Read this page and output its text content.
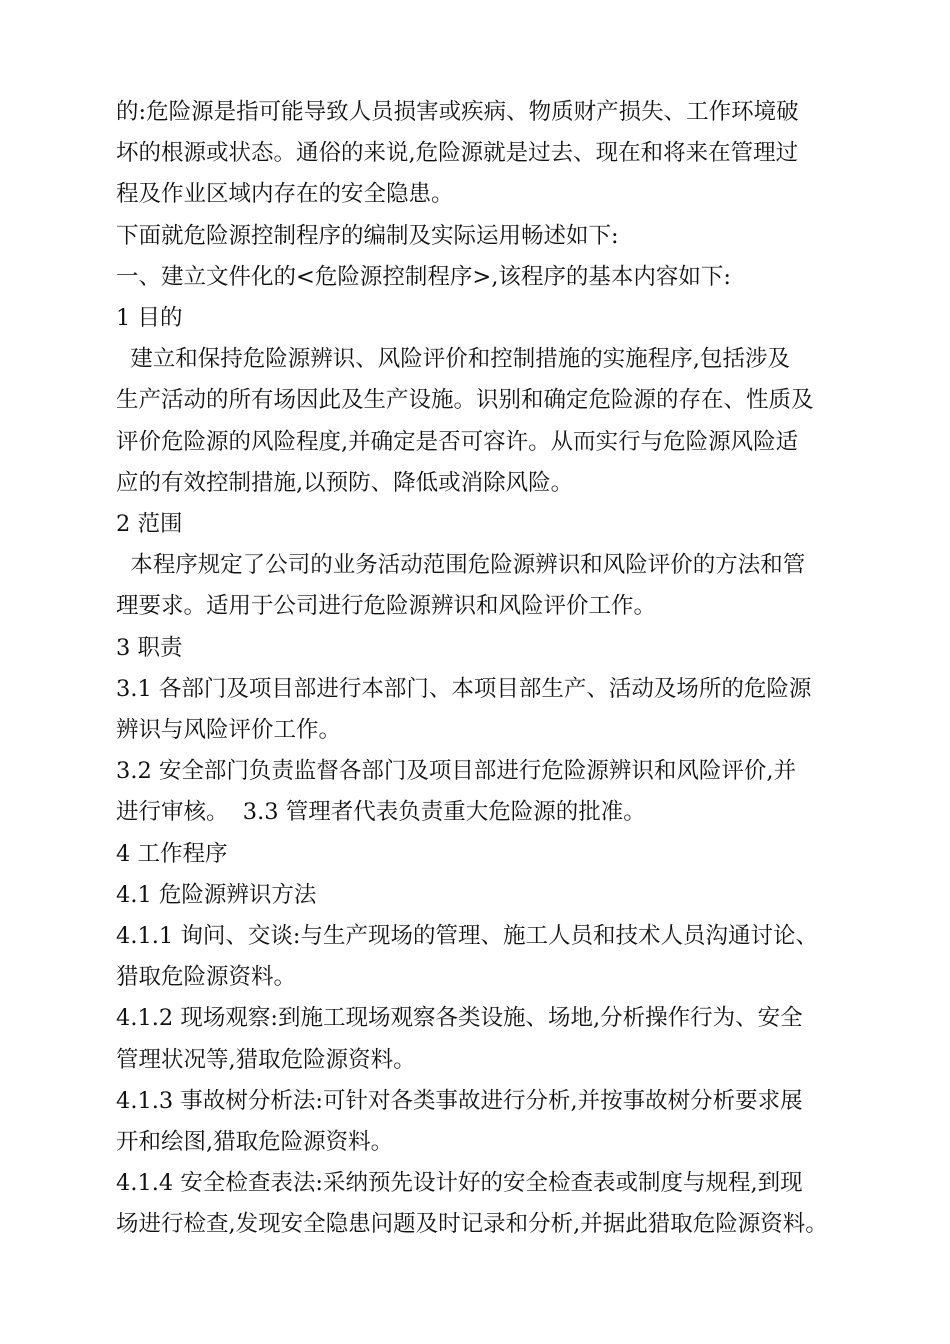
的:危险源是指可能导致人员损害或疾病、物质财产损失、工作环境破
坏的根源或状态。通俗的来说,危险源就是过去、现在和将来在管理过
程及作业区域内存在的安全隐患。
下面就危险源控制程序的编制及实际运用畅述如下:
一、建立文件化的<危险源控制程序>,该程序的基本内容如下:
1 目的
建立和保持危险源辨识、风险评价和控制措施的实施程序,包括涉及
生产活动的所有场因此及生产设施。识别和确定危险源的存在、性质及
评价危险源的风险程度,并确定是否可容许。从而实行与危险源风险适
应的有效控制措施,以预防、降低或消除风险。
2 范围
本程序规定了公司的业务活动范围危险源辨识和风险评价的方法和管
理要求。适用于公司进行危险源辨识和风险评价工作。
3 职责
3.1 各部门及项目部进行本部门、本项目部生产、活动及场所的危险源
辨识与风险评价工作。
3.2 安全部门负责监督各部门及项目部进行危险源辨识和风险评价,并
进行审核。  3.3 管理者代表负责重大危险源的批准。
4 工作程序
4.1 危险源辨识方法
4.1.1 询问、交谈:与生产现场的管理、施工人员和技术人员沟通讨论、
猎取危险源资料。
4.1.2 现场观察:到施工现场观察各类设施、场地,分析操作行为、安全
管理状况等,猎取危险源资料。
4.1.3 事故树分析法:可针对各类事故进行分析,并按事故树分析要求展
开和绘图,猎取危险源资料。
4.1.4 安全检查表法:采纳预先设计好的安全检查表或制度与规程,到现
场进行检查,发现安全隐患问题及时记录和分析,并据此猎取危险源资料。
